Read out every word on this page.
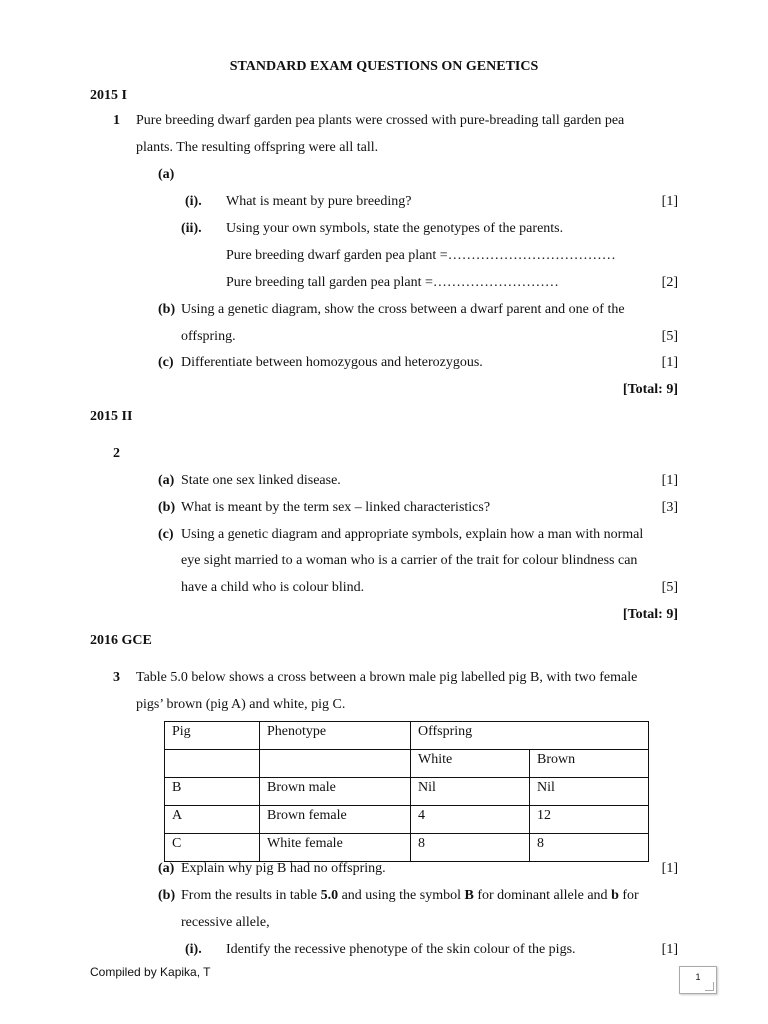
STANDARD EXAM QUESTIONS ON GENETICS
2015 I
1 Pure breeding dwarf garden pea plants were crossed with pure-breading tall garden pea
plants. The resulting offspring were all tall.
(a)
(i). What is meant by pure breeding?	[1]
(ii). Using your own symbols, state the genotypes of the parents.
Pure breeding dwarf garden pea plant =………………………………
Pure breeding tall garden pea plant =………………………	[2]
(b) Using a genetic diagram, show the cross between a dwarf parent and one of the
offspring.	[5]
(c) Differentiate between homozygous and heterozygous.	[1]
[Total: 9]
2015 II
2
(a) State one sex linked disease.	[1]
(b) What is meant by the term sex – linked characteristics?	[3]
(c) Using a genetic diagram and appropriate symbols, explain how a man with normal
eye sight married to a woman who is a carrier of the trait for colour blindness can
have a child who is colour blind.	[5]
[Total: 9]
2016 GCE
3 Table 5.0 below shows a cross between a brown male pig labelled pig B, with two female
pigs’ brown (pig A) and white, pig C.
Pig	Phenotype	Offspring	
		White	Brown
B	Brown male	Nil	Nil
A	Brown female	4	12
C	White female	8	8
(a) Explain why pig B had no offspring.	[1]
(b) From the results in table 5.0 and using the symbol B for dominant allele and b for
recessive allele,
(i). Identify the recessive phenotype of the skin colour of the pigs.	[1]
Compiled by Kapika, T	1
